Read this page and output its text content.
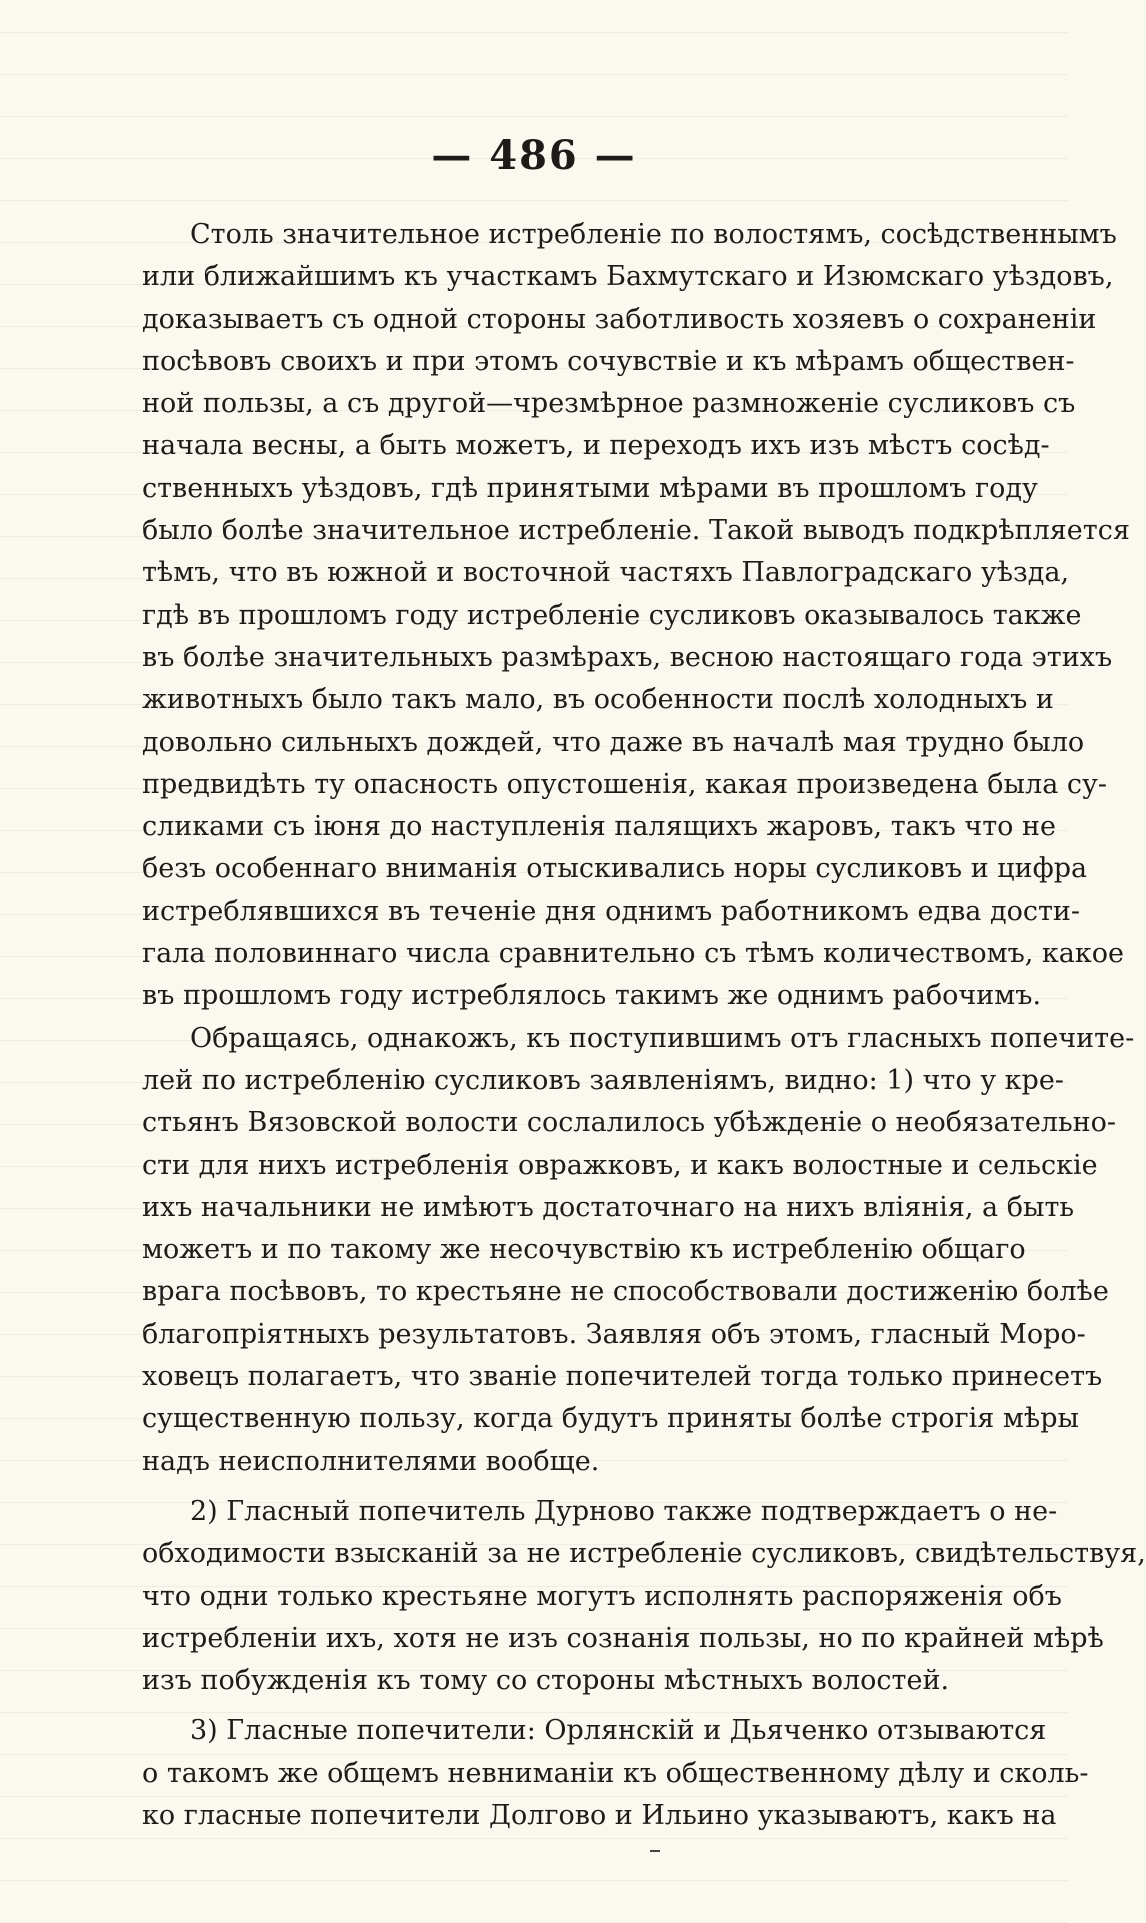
— 486 —
Столь значительное истребленіе по волостямъ, сосѣдственнымъ
или ближайшимъ къ участкамъ Бахмутскаго и Изюмскаго уѣздовъ,
доказываетъ съ одной стороны заботливость хозяевъ о сохраненіи
посѣвовъ своихъ и при этомъ сочувствіе и къ мѣрамъ обществен-
ной пользы, а съ другой—чрезмѣрное размноженіе сусликовъ съ
начала весны, а быть можетъ, и переходъ ихъ изъ мѣстъ сосѣд-
ственныхъ уѣздовъ, гдѣ принятыми мѣрами въ прошломъ году
было болѣе значительное истребленіе. Такой выводъ подкрѣпляется
тѣмъ, что въ южной и восточной частяхъ Павлоградскаго уѣзда,
гдѣ въ прошломъ году истребленіе сусликовъ оказывалось также
въ болѣе значительныхъ размѣрахъ, весною настоящаго года этихъ
животныхъ было такъ мало, въ особенности послѣ холодныхъ и
довольно сильныхъ дождей, что даже въ началѣ мая трудно было
предвидѣть ту опасность опустошенія, какая произведена была су-
сликами съ іюня до наступленія палящихъ жаровъ, такъ что не
безъ особеннаго вниманія отыскивались норы сусликовъ и цифра
истреблявшихся въ теченіе дня однимъ работникомъ едва дости-
гала половиннаго числа сравнительно съ тѣмъ количествомъ, какое
въ прошломъ году истреблялось такимъ же однимъ рабочимъ.
Обращаясь, однакожъ, къ поступившимъ отъ гласныхъ попечите-
лей по истребленію сусликовъ заявленіямъ, видно: 1) что у кре-
стьянъ Вязовской волости сослалилось убѣжденіе о необязательно-
сти для нихъ истребленія овражковъ, и какъ волостные и сельскіе
ихъ начальники не имѣютъ достаточнаго на нихъ вліянія, а быть
можетъ и по такому же несочувствію къ истребленію общаго
врага посѣвовъ, то крестьяне не способствовали достиженію болѣе
благопріятныхъ результатовъ. Заявляя объ этомъ, гласный Моро-
ховецъ полагаетъ, что званіе попечителей тогда только принесетъ
существенную пользу, когда будутъ приняты болѣе строгія мѣры
надъ неисполнителями вообще.
2) Гласный попечитель Дурново также подтверждаетъ о не-
обходимости взысканій за не истребленіе сусликовъ, свидѣтельствуя,
что одни только крестьяне могутъ исполнять распоряженія объ
истребленіи ихъ, хотя не изъ сознанія пользы, но по крайней мѣрѣ
изъ побужденія къ тому со стороны мѣстныхъ волостей.
3) Гласные попечители: Орлянскій и Дьяченко отзываются
о такомъ же общемъ невниманіи къ общественному дѣлу и сколь-
ко гласные попечители Долгово и Ильино указываютъ, какъ на
